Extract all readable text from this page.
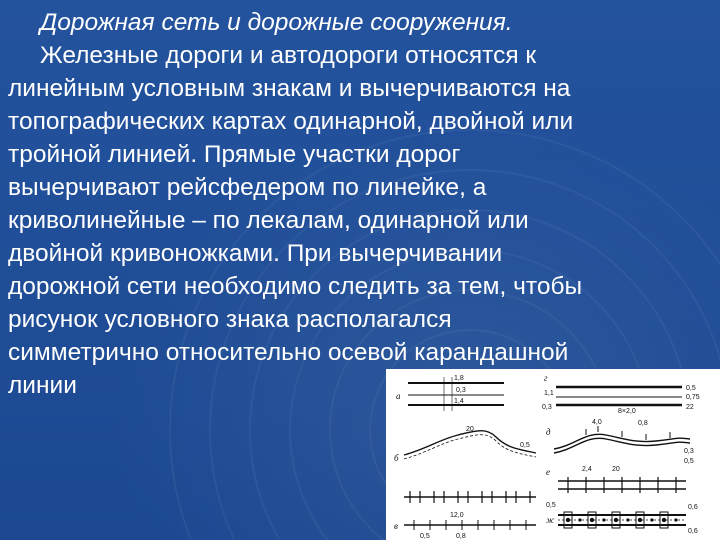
Дорожная сеть и дорожные сооружения.
Железные дороги и автодороги относятся к
линейным условным знакам и вычерчиваются на
топографических картах одинарной, двойной или
тройной линией. Прямые участки дорог
вычерчивают рейсфедером по линейке, а
криволинейные – по лекалам, одинарной или
двойной кривоножками. При вычерчивании
дорожной сети необходимо следить за тем, чтобы
рисунок условного знака располагался
симметрично относительно осевой карандашной
линии	а
1,8
0,3
1,4
б
20
0,5
в
0,5	0,8
12,0
г
0,5
0,75
22
1,1
0,3
8×2,0
д
4,0	0,8
0,3
0,5
е	2,4	20
0,5
ж
0,6
0,6
